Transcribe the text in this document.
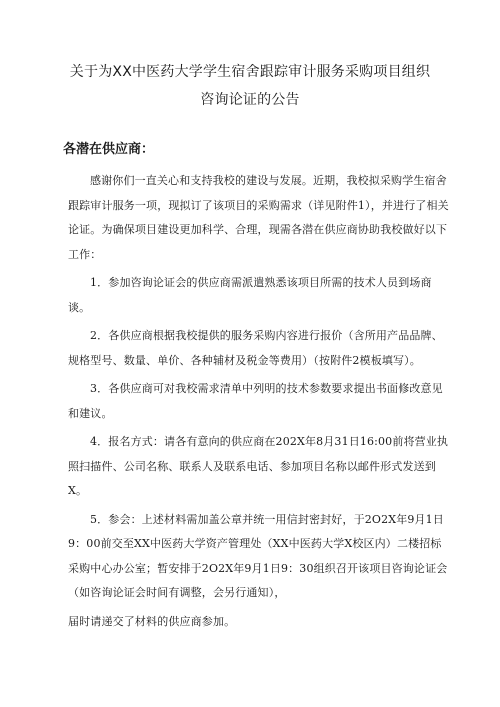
关于为XX中医药大学学生宿舍跟踪审计服务采购项目组织
咨询论证的公告
各潜在供应商：

感谢你们一直关心和支持我校的建设与发展。近期，我校拟采购学生宿舍跟踪审计服务一项，现拟订了该项目的采购需求（详见附件1），并进行了相关论证。为确保项目建设更加科学、合理，现需各潜在供应商协助我校做好以下工作：

1．参加咨询论证会的供应商需派遣熟悉该项目所需的技术人员到场商谈。

2．各供应商根据我校提供的服务采购内容进行报价（含所用产品品牌、规格型号、数量、单价、各种辅材及税金等费用）（按附件2模板填写）。

3．各供应商可对我校需求清单中列明的技术参数要求提出书面修改意见和建议。

4．报名方式：请各有意向的供应商在202X年8月31日16:00前将营业执照扫描件、公司名称、联系人及联系电话、参加项目名称以邮件形式发送到X。

5．参会：上述材料需加盖公章并统一用信封密封好，于2O2X年9月1日9：00前交至XX中医药大学资产管理处（XX中医药大学X校区内）二楼招标采购中心办公室；暂安排于2O2X年9月1日9：30组织召开该项目咨询论证会（如咨询论证会时间有调整，会另行通知），

届时请递交了材料的供应商参加。
